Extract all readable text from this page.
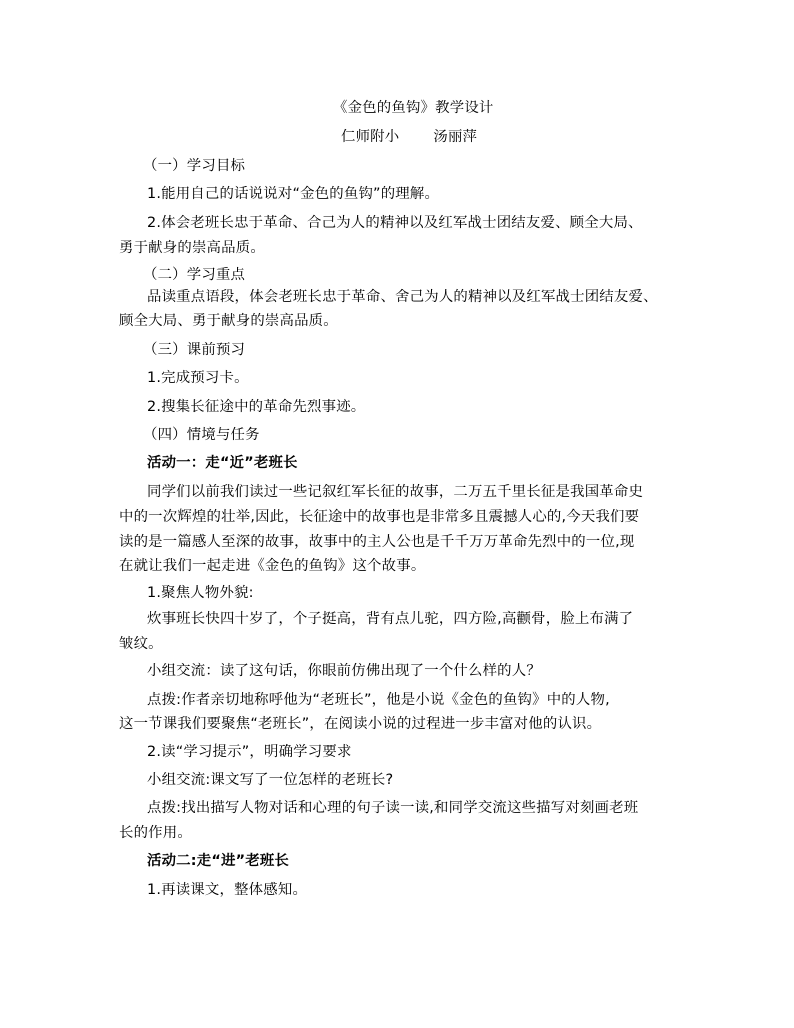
《金色的鱼钩》教学设计
仁师附小 汤丽萍
（一）学习目标
1.能用自己的话说说对“金色的鱼钩”的理解。
2.体会老班长忠于革命、合己为人的精神以及红军战士团结友爱、顾全大局、
勇于献身的崇高品质。
（二）学习重点
品读重点语段，体会老班长忠于革命、舍己为人的精神以及红军战士团结友爱、
顾全大局、勇于献身的崇高品质。
（三）课前预习
1.完成预习卡。
2.搜集长征途中的革命先烈事迹。
（四）情境与任务
活动一：走“近”老班长
同学们以前我们读过一些记叙红军长征的故事，二万五千里长征是我国革命史
中的一次辉煌的壮举,因此，长征途中的故事也是非常多且震撼人心的,今天我们要
读的是一篇感人至深的故事，故事中的主人公也是千千万万革命先烈中的一位,现
在就让我们一起走进《金色的鱼钩》这个故事。
1.聚焦人物外貌:
炊事班长快四十岁了，个子挺高，背有点儿驼，四方险,高颧骨，脸上布满了
皱纹。
小组交流：读了这句话，你眼前仿佛出现了一个什么样的人？
点拨:作者亲切地称呼他为“老班长”，他是小说《金色的鱼钩》中的人物,
这一节课我们要聚焦“老班长”，在阅读小说的过程进一步丰富对他的认识。
2.读“学习提示”，明确学习要求
小组交流:课文写了一位怎样的老班长?
点拨:找出描写人物对话和心理的句子读一读,和同学交流这些描写对刻画老班
长的作用。
活动二:走“进”老班长
1.再读课文，整体感知。
